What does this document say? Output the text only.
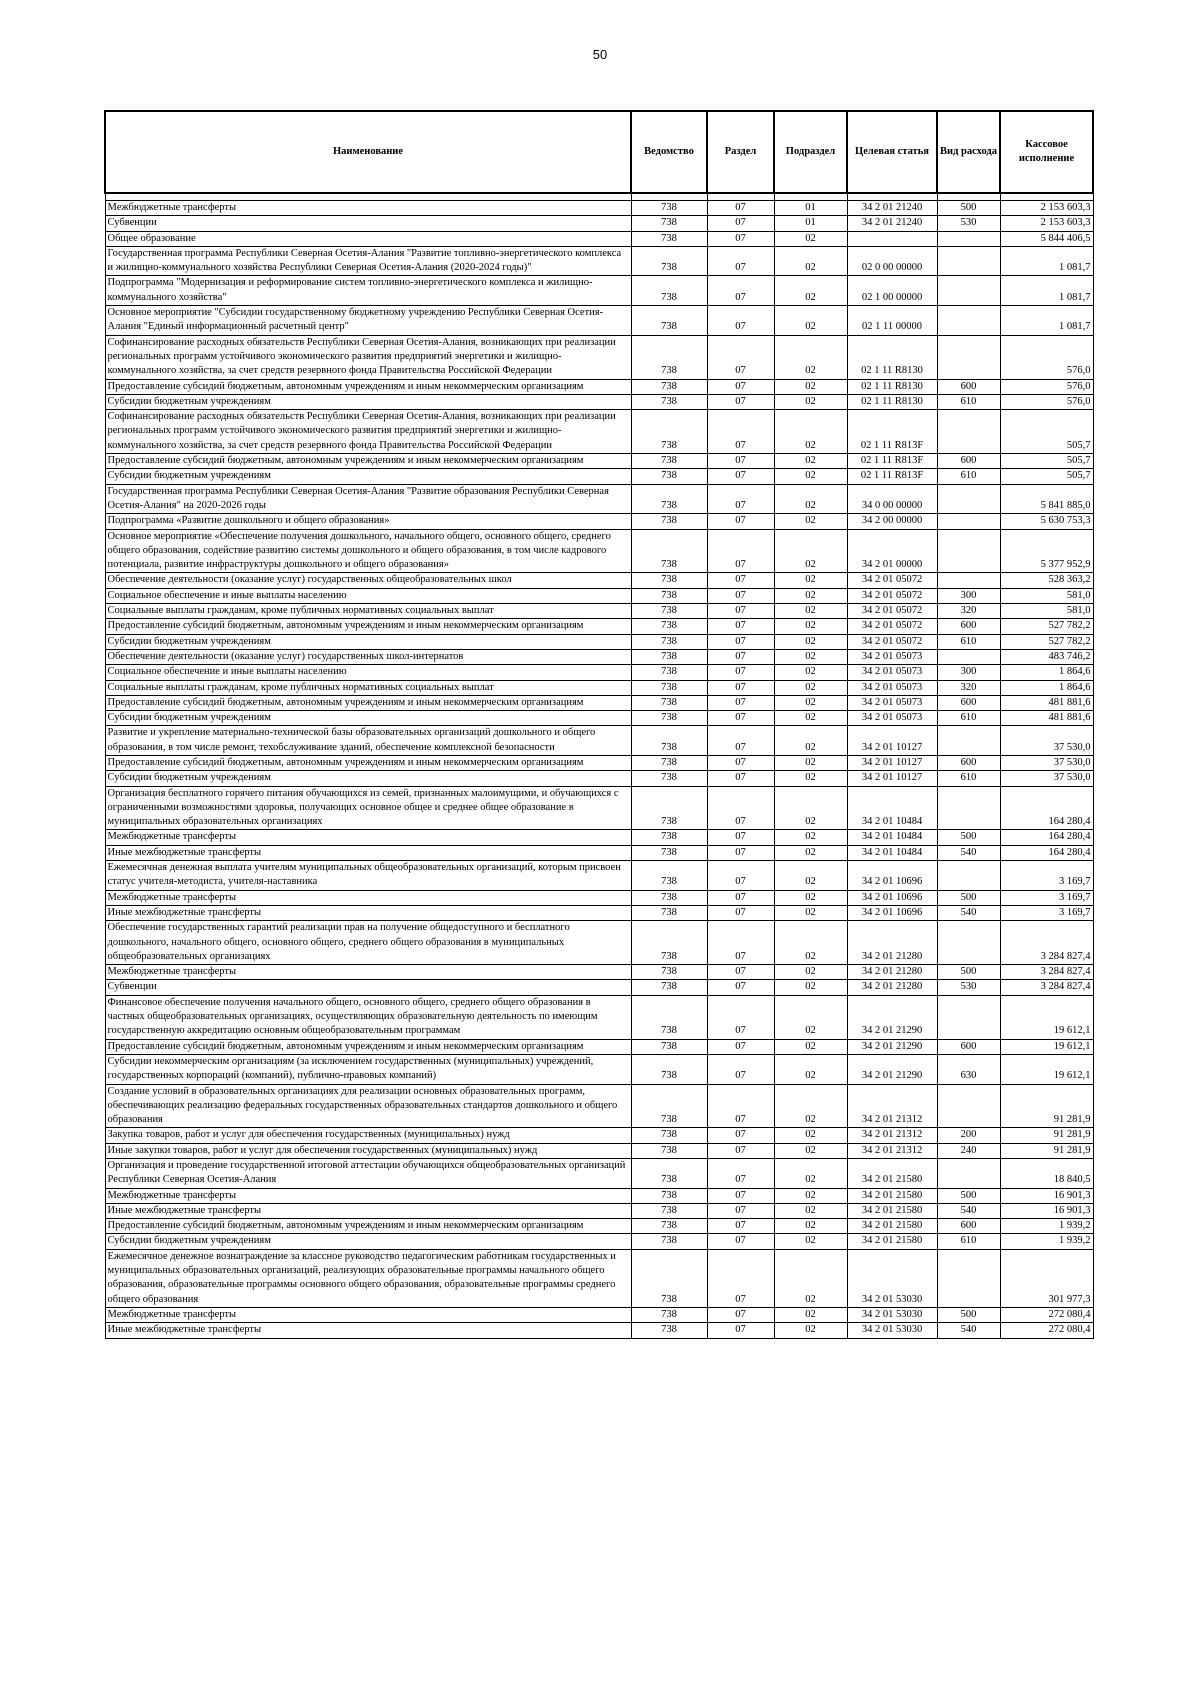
50
Наименование	Ведомство	Раздел	Подраздел	Целевая статья	Вид расхода	Кассовое исполнение

Межбюджетные трансферты	738	07	01	34 2 01 21240	500	2 153 603,3
Субвенции	738	07	01	34 2 01 21240	530	2 153 603,3
Общее образование	738	07	02			5 844 406,5
Государственная программа Республики Северная Осетия-Алания "Развитие топливно-энергетического комплекса и жилищно-коммунального хозяйства Республики Северная Осетия-Алания (2020-2024 годы)"	738	07	02	02 0 00 00000		1 081,7
Подпрограмма "Модернизация и реформирование систем топливно-энергетического комплекса и жилищно-коммунального хозяйства"	738	07	02	02 1 00 00000		1 081,7
Основное мероприятие "Субсидии государственному бюджетному учреждению Республики Северная Осетия-Алания "Единый информационный расчетный центр"	738	07	02	02 1 11 00000		1 081,7
Софинансирование расходных обязательств Республики Северная Осетия-Алания, возникающих при реализации региональных программ устойчивого экономического развития предприятий энергетики и жилищно-коммунального хозяйства, за счет средств резервного фонда Правительства Российской Федерации	738	07	02	02 1 11 R8130		576,0
Предоставление субсидий бюджетным, автономным учреждениям и иным некоммерческим организациям	738	07	02	02 1 11 R8130	600	576,0
Субсидии бюджетным учреждениям	738	07	02	02 1 11 R8130	610	576,0
Софинансирование расходных обязательств Республики Северная Осетия-Алания, возникающих при реализации региональных программ устойчивого экономического развития предприятий энергетики и жилищно-коммунального хозяйства, за счет средств резервного фонда Правительства Российской Федерации	738	07	02	02 1 11 R813F		505,7
Предоставление субсидий бюджетным, автономным учреждениям и иным некоммерческим организациям	738	07	02	02 1 11 R813F	600	505,7
Субсидии бюджетным учреждениям	738	07	02	02 1 11 R813F	610	505,7
Государственная программа Республики Северная Осетия-Алания "Развитие образования Республики Северная Осетия-Алания" на 2020-2026 годы	738	07	02	34 0 00 00000		5 841 885,0
Подпрограмма «Развитие дошкольного и общего образования»	738	07	02	34 2 00 00000		5 630 753,3
Основное мероприятие «Обеспечение получения дошкольного, начального общего, основного общего, среднего общего образования, содействие развитию системы дошкольного и общего образования, в том числе кадрового потенциала, развитие инфраструктуры дошкольного и общего образования»	738	07	02	34 2 01 00000		5 377 952,9
Обеспечение деятельности (оказание услуг) государственных общеобразовательных школ	738	07	02	34 2 01 05072		528 363,2
Социальное обеспечение и иные выплаты населению	738	07	02	34 2 01 05072	300	581,0
Социальные выплаты гражданам, кроме публичных нормативных социальных выплат	738	07	02	34 2 01 05072	320	581,0
Предоставление субсидий бюджетным, автономным учреждениям и иным некоммерческим организациям	738	07	02	34 2 01 05072	600	527 782,2
Субсидии бюджетным учреждениям	738	07	02	34 2 01 05072	610	527 782,2
Обеспечение деятельности (оказание услуг) государственных школ-интернатов	738	07	02	34 2 01 05073		483 746,2
Социальное обеспечение и иные выплаты населению	738	07	02	34 2 01 05073	300	1 864,6
Социальные выплаты гражданам, кроме публичных нормативных социальных выплат	738	07	02	34 2 01 05073	320	1 864,6
Предоставление субсидий бюджетным, автономным учреждениям и иным некоммерческим организациям	738	07	02	34 2 01 05073	600	481 881,6
Субсидии бюджетным учреждениям	738	07	02	34 2 01 05073	610	481 881,6
Развитие и укрепление материально-технической базы образовательных организаций дошкольного и общего образования, в том числе ремонт, техобслуживание зданий, обеспечение комплексной безопасности	738	07	02	34 2 01 10127		37 530,0
Предоставление субсидий бюджетным, автономным учреждениям и иным некоммерческим организациям	738	07	02	34 2 01 10127	600	37 530,0
Субсидии бюджетным учреждениям	738	07	02	34 2 01 10127	610	37 530,0
Организация бесплатного горячего питания обучающихся из семей, признанных малоимущими, и обучающихся с ограниченными возможностями здоровья, получающих основное общее и среднее общее образование в муниципальных образовательных организациях	738	07	02	34 2 01 10484		164 280,4
Межбюджетные трансферты	738	07	02	34 2 01 10484	500	164 280,4
Иные межбюджетные трансферты	738	07	02	34 2 01 10484	540	164 280,4
Ежемесячная денежная выплата учителям муниципальных общеобразовательных организаций, которым присвоен статус учителя-методиста, учителя-наставника	738	07	02	34 2 01 10696		3 169,7
Межбюджетные трансферты	738	07	02	34 2 01 10696	500	3 169,7
Иные межбюджетные трансферты	738	07	02	34 2 01 10696	540	3 169,7
Обеспечение государственных гарантий реализации прав на получение общедоступного и бесплатного дошкольного, начального общего, основного общего, среднего общего образования в муниципальных общеобразовательных организациях	738	07	02	34 2 01 21280		3 284 827,4
Межбюджетные трансферты	738	07	02	34 2 01 21280	500	3 284 827,4
Субвенции	738	07	02	34 2 01 21280	530	3 284 827,4
Финансовое обеспечение получения начального общего, основного общего, среднего общего образования в частных общеобразовательных организациях, осуществляющих образовательную деятельность по имеющим государственную аккредитацию основным общеобразовательным программам	738	07	02	34 2 01 21290		19 612,1
Предоставление субсидий бюджетным, автономным учреждениям и иным некоммерческим организациям	738	07	02	34 2 01 21290	600	19 612,1
Субсидии некоммерческим организациям (за исключением государственных (муниципальных) учреждений, государственных корпораций (компаний), публично-правовых компаний)	738	07	02	34 2 01 21290	630	19 612,1
Создание условий в образовательных организациях для реализации основных образовательных программ, обеспечивающих реализацию федеральных государственных образовательных стандартов дошкольного и общего образования	738	07	02	34 2 01 21312		91 281,9
Закупка товаров, работ и услуг для обеспечения государственных (муниципальных) нужд	738	07	02	34 2 01 21312	200	91 281,9
Иные закупки товаров, работ и услуг для обеспечения государственных (муниципальных) нужд	738	07	02	34 2 01 21312	240	91 281,9
Организация и проведение государственной итоговой аттестации обучающихся общеобразовательных организаций Республики Северная Осетия-Алания	738	07	02	34 2 01 21580		18 840,5
Межбюджетные трансферты	738	07	02	34 2 01 21580	500	16 901,3
Иные межбюджетные трансферты	738	07	02	34 2 01 21580	540	16 901,3
Предоставление субсидий бюджетным, автономным учреждениям и иным некоммерческим организациям	738	07	02	34 2 01 21580	600	1 939,2
Субсидии бюджетным учреждениям	738	07	02	34 2 01 21580	610	1 939,2
Ежемесячное денежное вознаграждение за классное руководство педагогическим работникам государственных и муниципальных образовательных организаций, реализующих образовательные программы начального общего образования, образовательные программы основного общего образования, образовательные программы среднего общего образования	738	07	02	34 2 01 53030		301 977,3
Межбюджетные трансферты	738	07	02	34 2 01 53030	500	272 080,4
Иные межбюджетные трансферты	738	07	02	34 2 01 53030	540	272 080,4
